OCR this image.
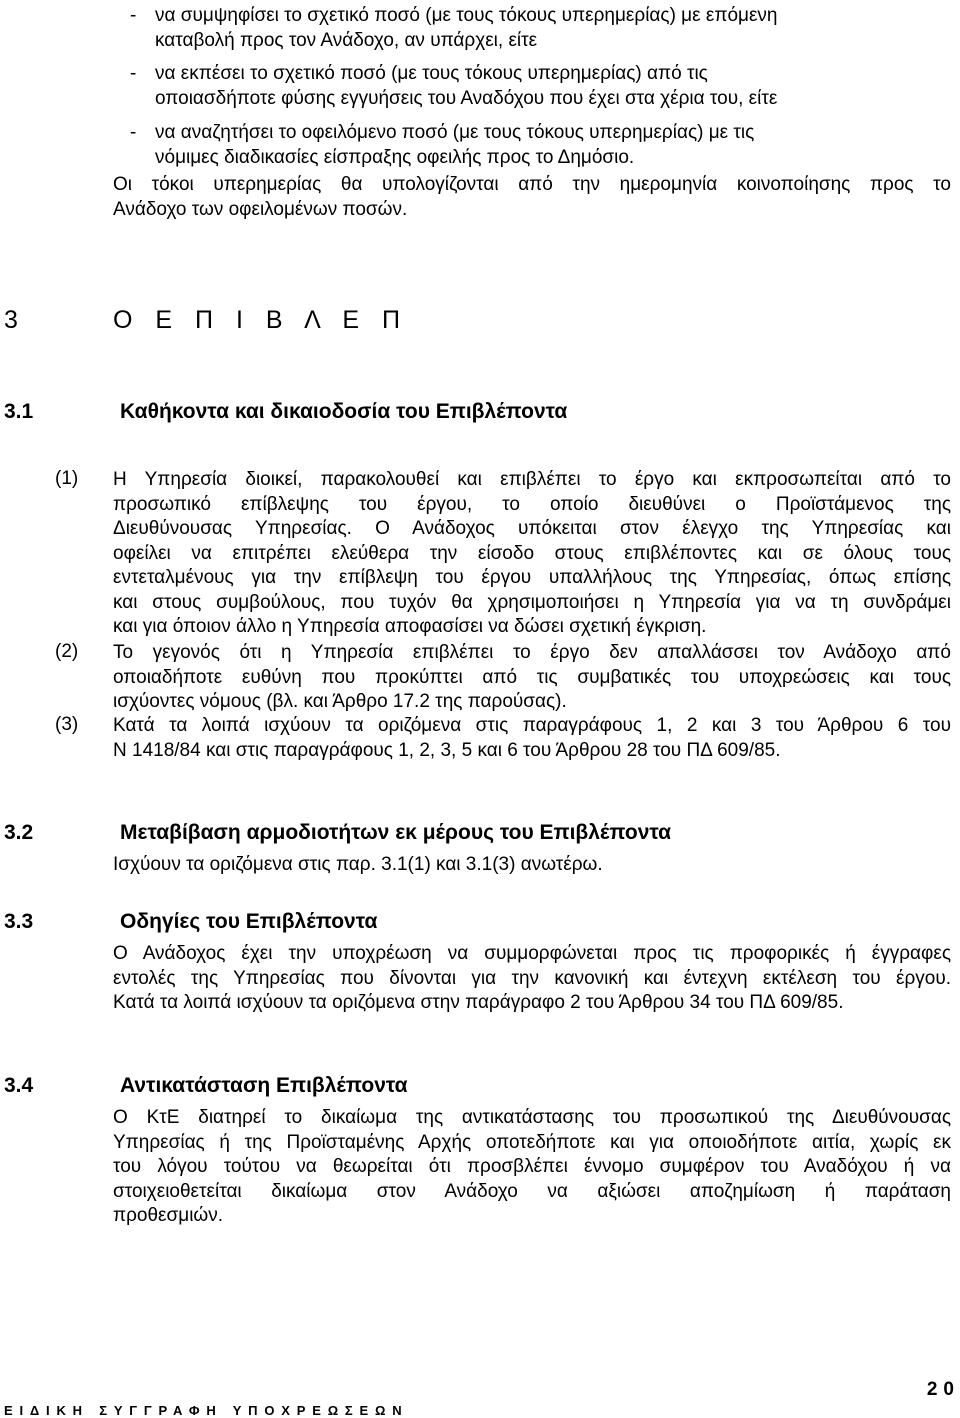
- να συμψηφίσει το σχετικό ποσό (με τους τόκους υπερημερίας) με επόμενη
καταβολή προς τον Ανάδοχο, αν υπάρχει, είτε
- να εκπέσει το σχετικό ποσό (με τους τόκους υπερημερίας) από τις
οποιασδήποτε φύσης εγγυήσεις του Αναδόχου που έχει στα χέρια του, είτε
- να αναζητήσει το οφειλόμενο ποσό (με τους τόκους υπερημερίας) με τις
νόμιμες διαδικασίες είσπραξης οφειλής προς το Δημόσιο.
Οι τόκοι υπερημερίας θα υπολογίζονται από την ημερομηνία κοινοποίησης προς το
Ανάδοχο των οφειλομένων ποσών.
3	Ο Ε Π Ι Β Λ Ε Π
3.1	Καθήκοντα και δικαιοδοσία του Επιβλέποντα
(1) Η Υπηρεσία διοικεί, παρακολουθεί και επιβλέπει το έργο και εκπροσωπείται από το
προσωπικό επίβλεψης του έργου, το οποίο διευθύνει ο Προϊστάμενος της
Διευθύνουσας Υπηρεσίας. Ο Ανάδοχος υπόκειται στον έλεγχο της Υπηρεσίας και
οφείλει να επιτρέπει ελεύθερα την είσοδο στους επιβλέποντες και σε όλους τους
εντεταλμένους για την επίβλεψη του έργου υπαλλήλους της Υπηρεσίας, όπως επίσης
και στους συμβούλους, που τυχόν θα χρησιμοποιήσει η Υπηρεσία για να τη συνδράμει
και για όποιον άλλο η Υπηρεσία αποφασίσει να δώσει σχετική έγκριση.
(2) Το γεγονός ότι η Υπηρεσία επιβλέπει το έργο δεν απαλλάσσει τον Ανάδοχο από
οποιαδήποτε ευθύνη που προκύπτει από τις συμβατικές του υποχρεώσεις και τους
ισχύοντες νόμους (βλ. και Άρθρο 17.2 της παρούσας).
(3) Κατά τα λοιπά ισχύουν τα οριζόμενα στις παραγράφους 1, 2 και 3 του Άρθρου 6 του
Ν 1418/84 και στις παραγράφους 1, 2, 3, 5 και 6 του Άρθρου 28 του ΠΔ 609/85.
3.2	Μεταβίβαση αρμοδιοτήτων εκ μέρους του Επιβλέποντα
Ισχύουν τα οριζόμενα στις παρ. 3.1(1) και 3.1(3) ανωτέρω.
3.3	Οδηγίες του Επιβλέποντα
Ο Ανάδοχος έχει την υποχρέωση να συμμορφώνεται προς τις προφορικές ή έγγραφες
εντολές της Υπηρεσίας που δίνονται για την κανονική και έντεχνη εκτέλεση του έργου.
Κατά τα λοιπά ισχύουν τα οριζόμενα στην παράγραφο 2 του Άρθρου 34 του ΠΔ 609/85.
3.4	Αντικατάσταση Επιβλέποντα
Ο ΚτΕ διατηρεί το δικαίωμα της αντικατάστασης του προσωπικού της Διευθύνουσας
Υπηρεσίας ή της Προϊσταμένης Αρχής οποτεδήποτε και για οποιοδήποτε αιτία, χωρίς εκ
του λόγου τούτου να θεωρείται ότι προσβλέπει έννομο συμφέρον του Αναδόχου ή να
στοιχειοθετείται δικαίωμα στον Ανάδοχο να αξιώσει αποζημίωση ή παράταση
προθεσμιών.
20
ΕΙΔΙΚΗ ΣΥΓΓΡΑΦΗ ΥΠΟΧΡΕΩΣΕΩΝ
